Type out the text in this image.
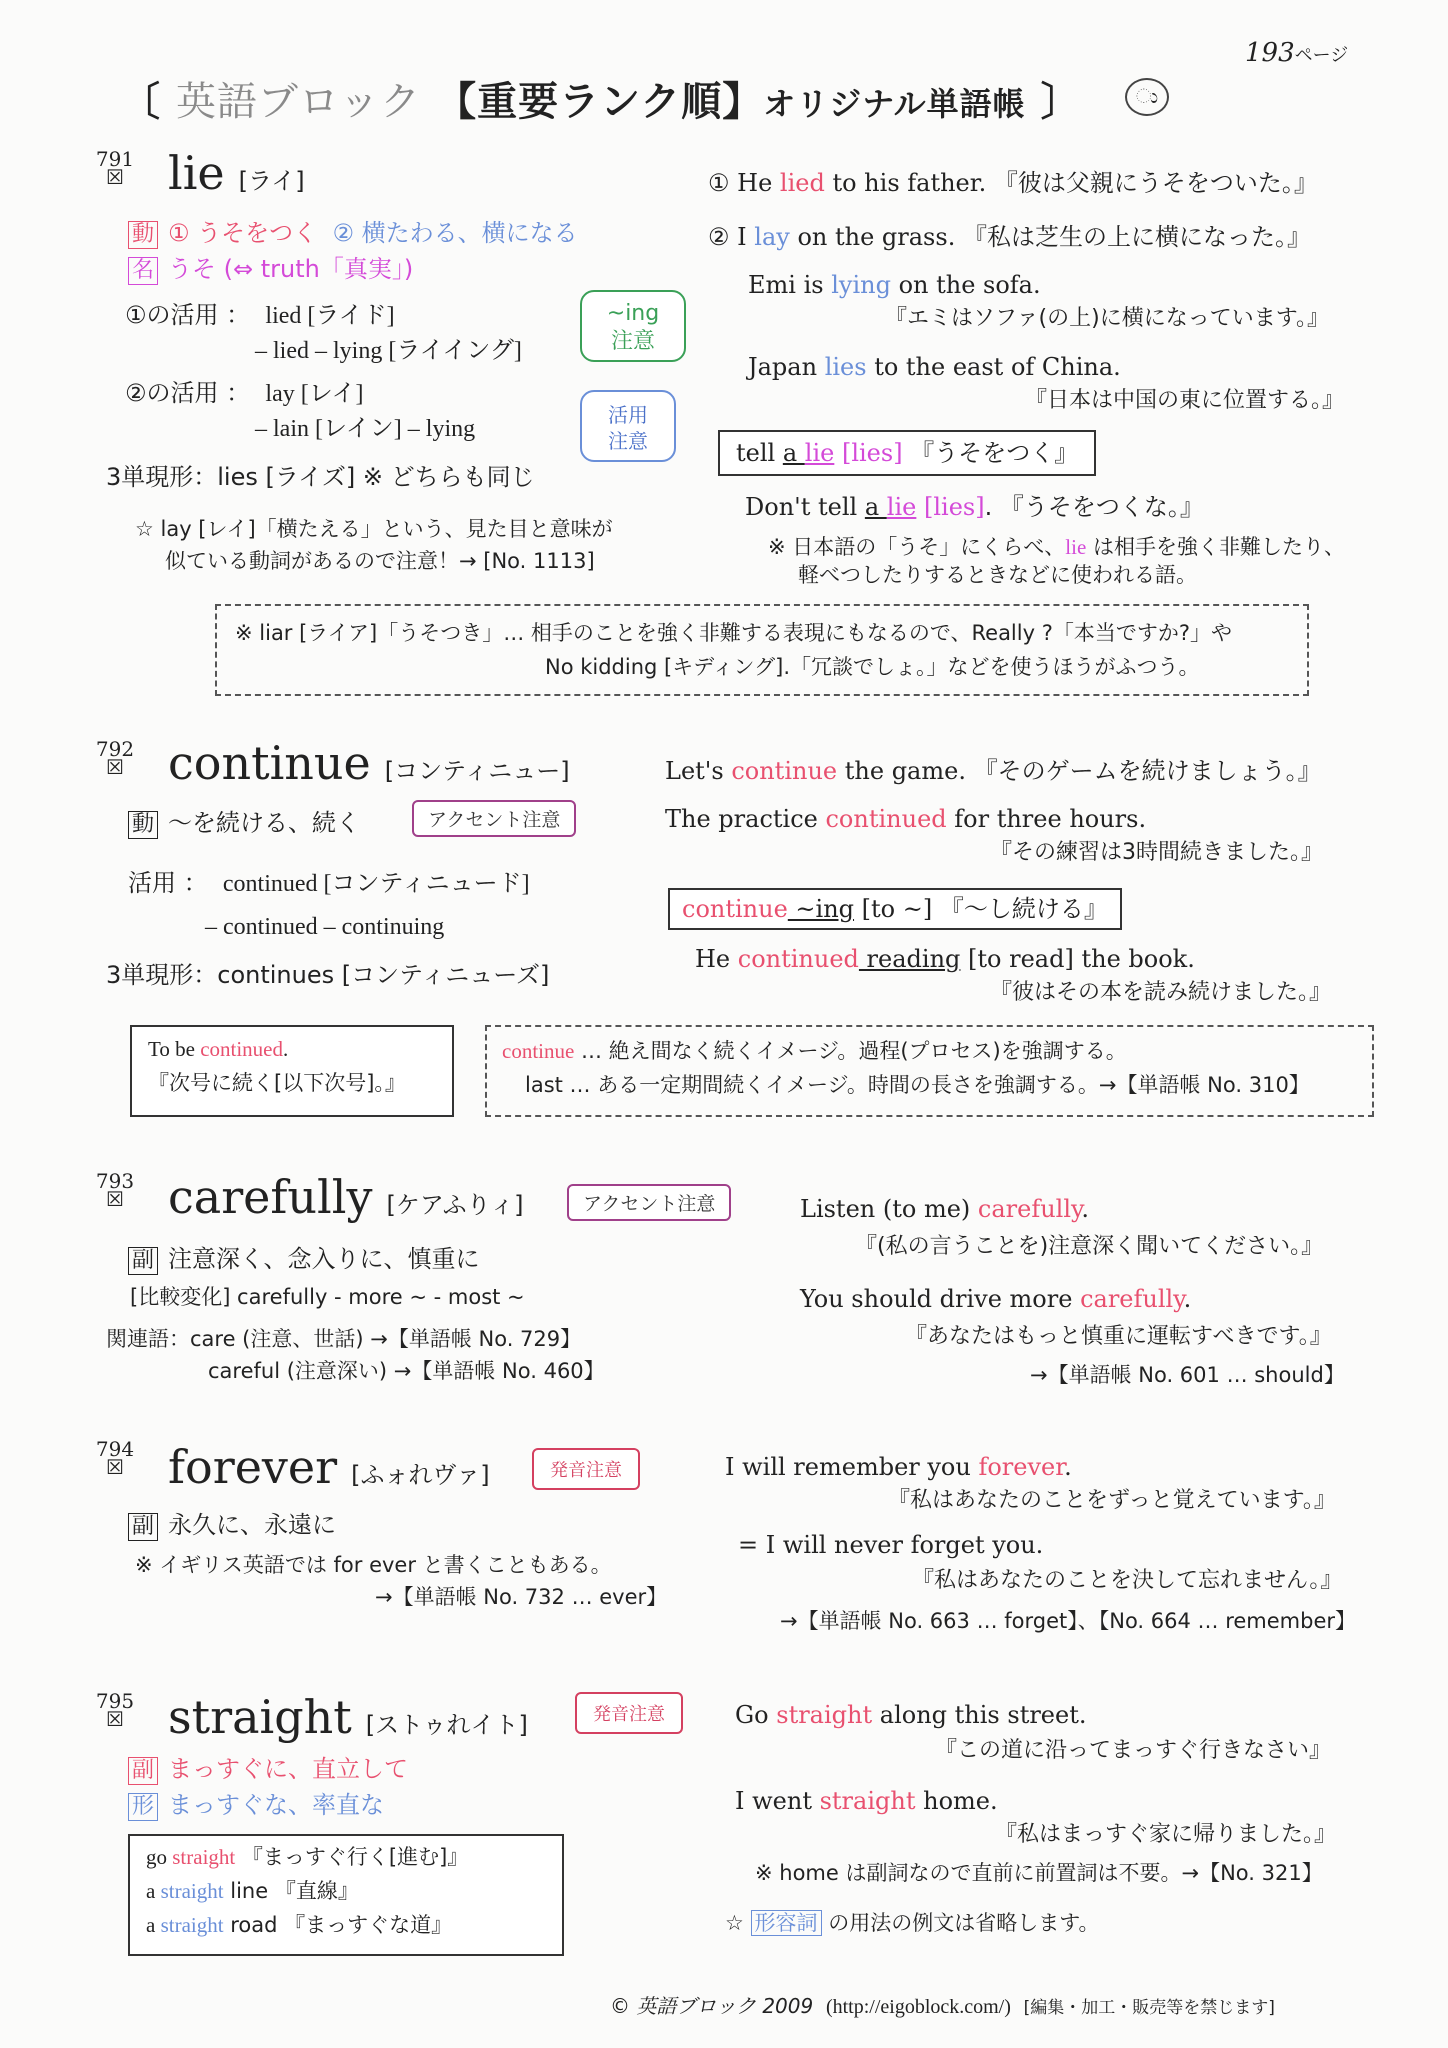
193ページ
〔 英語ブロック 【重要ランク順】オリジナル単語帳 〕	ು
791
☒ lie [ライ]
動 ① うそをつく ② 横たわる、横になる
名 うそ (⇔ truth「真実」)
①の活用 ： lied [ライド]
– lied – lying [ライイング]
②の活用 ： lay [レイ]
– lain [レイン] – lying
3単現形：lies [ライズ] ※ どちらも同じ
☆ lay [レイ]「横たえる」という、見た目と意味が
似ている動詞があるので注意！→ [No. 1113]
~ing
注意
活用
注意
① He lied to his father. 『彼は父親にうそをついた。』
② I lay on the grass. 『私は芝生の上に横になった。』
Emi is lying on the sofa.
『エミはソファ(の上)に横になっています。』
Japan lies to the east of China.
『日本は中国の東に位置する。』
tell a lie [lies] 『うそをつく』
Don't tell a lie [lies]. 『うそをつくな。』
※ 日本語の「うそ」にくらべ、lie は相手を強く非難したり、
軽べつしたりするときなどに使われる語。
※ liar [ライア]「うそつき」… 相手のことを強く非難する表現にもなるので、Really ?「本当ですか?」や
No kidding [キディング].「冗談でしょ。」などを使うほうがふつう。
792
☒ continue [コンティニュー]
動 ～を続ける、続く	アクセント注意
活用 ： continued [コンティニュード]
– continued – continuing
3単現形：continues [コンティニューズ]
Let's continue the game. 『そのゲームを続けましょう。』
The practice continued for three hours.
『その練習は3時間続きました。』
continue ~ing [to ~] 『～し続ける』
He continued reading [to read] the book.
『彼はその本を読み続けました。』
To be continued.
『次号に続く[以下次号]。』
continue … 絶え間なく続くイメージ。過程(プロセス)を強調する。
last … ある一定期間続くイメージ。時間の長さを強調する。→【単語帳 No. 310】
793
☒ carefully [ケアふりィ]	アクセント注意
副 注意深く、念入りに、慎重に
[比較変化] carefully - more ~ - most ~
関連語：care (注意、世話) →【単語帳 No. 729】
careful (注意深い) →【単語帳 No. 460】
Listen (to me) carefully.
『(私の言うことを)注意深く聞いてください。』
You should drive more carefully.
『あなたはもっと慎重に運転すべきです。』
→【単語帳 No. 601 … should】
794
☒ forever [ふォれヴァ]	発音注意
副 永久に、永遠に
※ イギリス英語では for ever と書くこともある。
→【単語帳 No. 732 … ever】
I will remember you forever.
『私はあなたのことをずっと覚えています。』
= I will never forget you.
『私はあなたのことを決して忘れません。』
→【単語帳 No. 663 … forget】、【No. 664 … remember】
795
☒ straight [ストゥれイト]	発音注意
副 まっすぐに、直立して
形 まっすぐな、率直な
go straight 『まっすぐ行く[進む]』
a straight line 『直線』
a straight road 『まっすぐな道』
Go straight along this street.
『この道に沿ってまっすぐ行きなさい』
I went straight home.
『私はまっすぐ家に帰りました。』
※ home は副詞なので直前に前置詞は不要。→【No. 321】
☆ 形容詞 の用法の例文は省略します。
© 英語ブロック 2009 (http://eigoblock.com/) [編集・加工・販売等を禁じます]
